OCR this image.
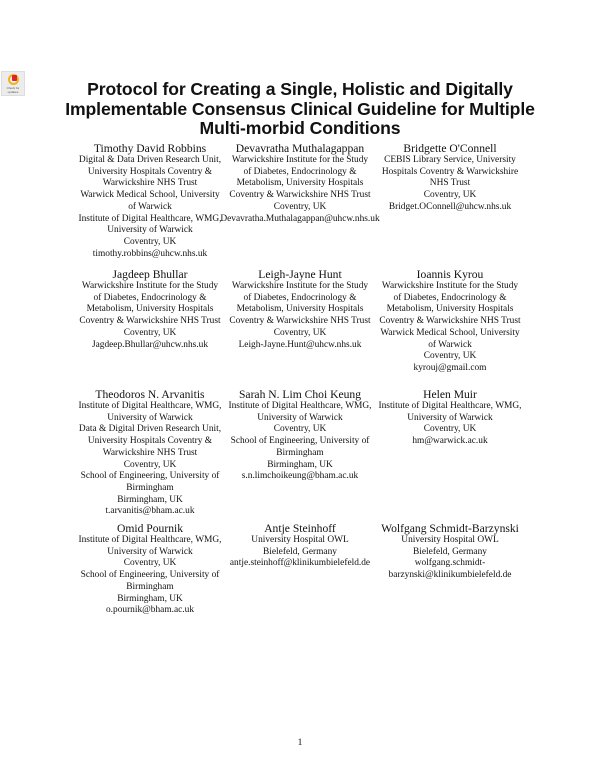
Check for updates	Protocol for Creating a Single, Holistic and Digitally Implementable Consensus Clinical Guideline for Multiple Multi-morbid Conditions
Timothy David Robbins
Digital & Data Driven Research Unit,
University Hospitals Coventry &
Warwickshire NHS Trust
Warwick Medical School, University
of Warwick
Institute of Digital Healthcare, WMG,
University of Warwick
Coventry, UK
timothy.robbins@uhcw.nhs.uk
Devavratha Muthalagappan
Warwickshire Institute for the Study
of Diabetes, Endocrinology &
Metabolism, University Hospitals
Coventry & Warwickshire NHS Trust
Coventry, UK
Devavratha.Muthalagappan@uhcw.nhs.uk
Bridgette O'Connell
CEBIS Library Service, University
Hospitals Coventry & Warwickshire
NHS Trust
Coventry, UK
Bridget.OConnell@uhcw.nhs.uk
Jagdeep Bhullar
Warwickshire Institute for the Study
of Diabetes, Endocrinology &
Metabolism, University Hospitals
Coventry & Warwickshire NHS Trust
Coventry, UK
Jagdeep.Bhullar@uhcw.nhs.uk
Leigh-Jayne Hunt
Warwickshire Institute for the Study
of Diabetes, Endocrinology &
Metabolism, University Hospitals
Coventry & Warwickshire NHS Trust
Coventry, UK
Leigh-Jayne.Hunt@uhcw.nhs.uk
Ioannis Kyrou
Warwickshire Institute for the Study
of Diabetes, Endocrinology &
Metabolism, University Hospitals
Coventry & Warwickshire NHS Trust
Warwick Medical School, University
of Warwick
Coventry, UK
kyrouj@gmail.com
Theodoros N. Arvanitis
Institute of Digital Healthcare, WMG,
University of Warwick
Data & Digital Driven Research Unit,
University Hospitals Coventry &
Warwickshire NHS Trust
Coventry, UK
School of Engineering, University of
Birmingham
Birmingham, UK
t.arvanitis@bham.ac.uk
Sarah N. Lim Choi Keung
Institute of Digital Healthcare, WMG,
University of Warwick
Coventry, UK
School of Engineering, University of
Birmingham
Birmingham, UK
s.n.limchoikeung@bham.ac.uk
Helen Muir
Institute of Digital Healthcare, WMG,
University of Warwick
Coventry, UK
hm@warwick.ac.uk
Omid Pournik
Institute of Digital Healthcare, WMG,
University of Warwick
Coventry, UK
School of Engineering, University of
Birmingham
Birmingham, UK
o.pournik@bham.ac.uk
Antje Steinhoff
University Hospital OWL
Bielefeld, Germany
antje.steinhoff@klinikumbielefeld.de
Wolfgang Schmidt-Barzynski
University Hospital OWL
Bielefeld, Germany
wolfgang.schmidt-
barzynski@klinikumbielefeld.de
1
